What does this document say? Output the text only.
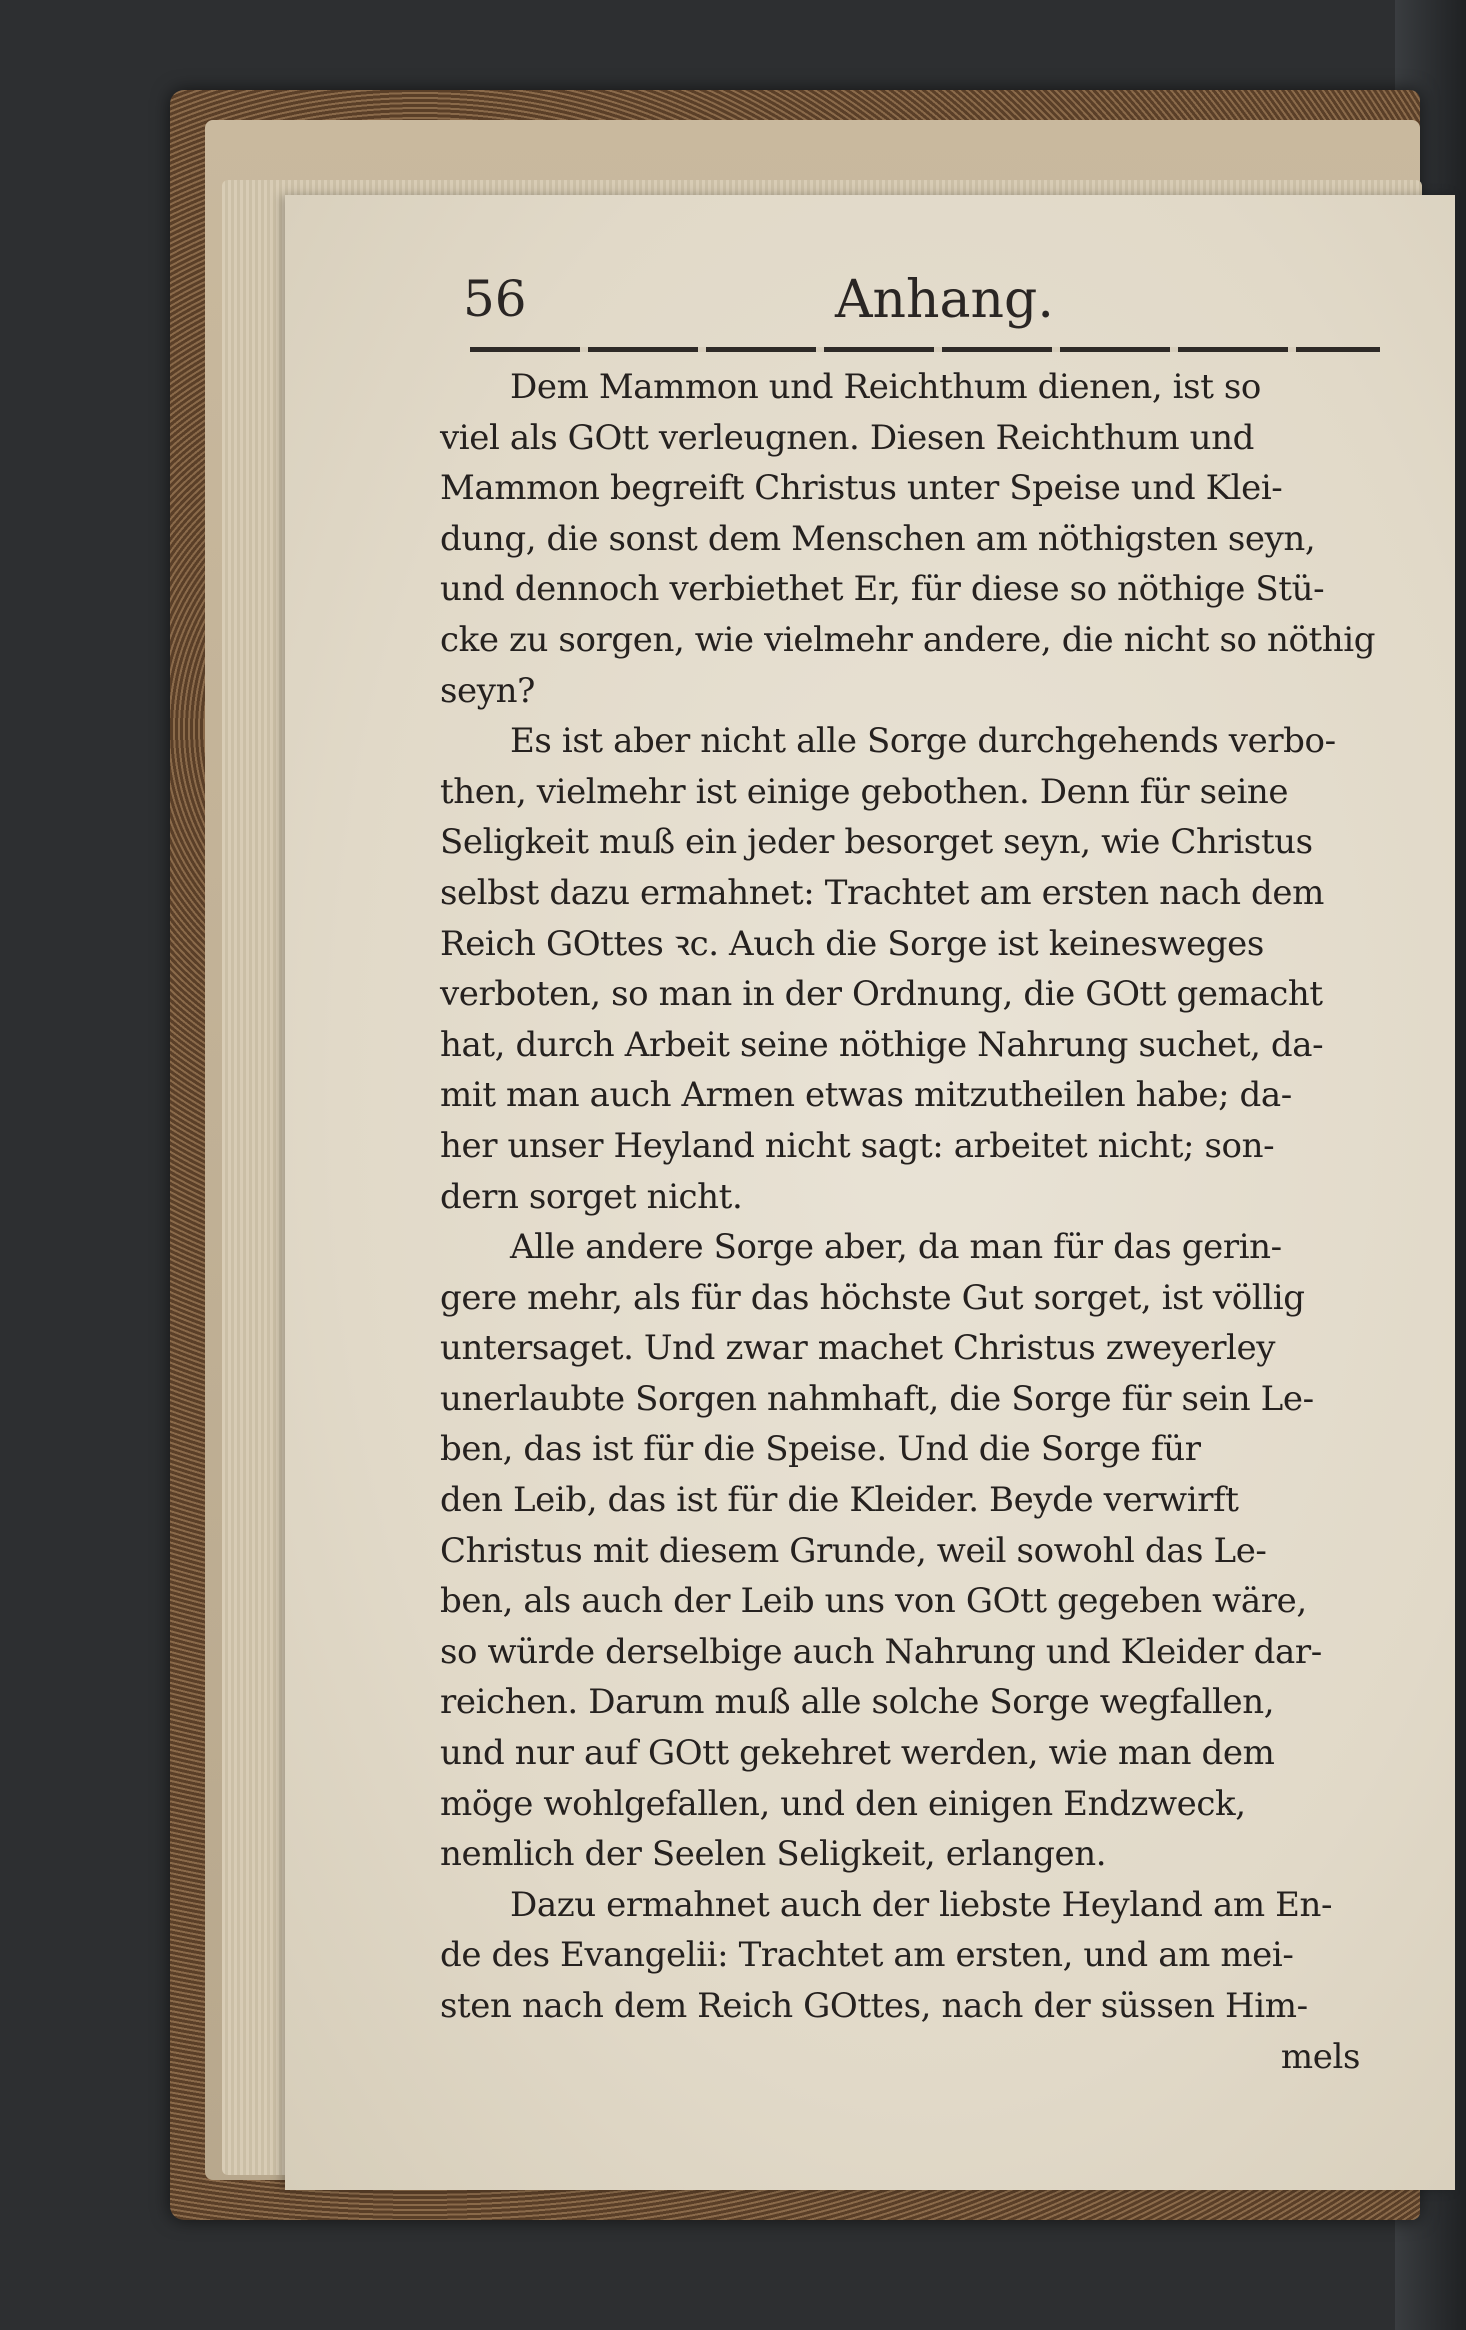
56	Anhang.
Dem Mammon und Reichthum dienen, ist so
viel als GOtt verleugnen. Diesen Reichthum und
Mammon begreift Christus unter Speise und Klei-
dung, die sonst dem Menschen am nöthigsten seyn,
und dennoch verbiethet Er, für diese so nöthige Stü-
cke zu sorgen, wie vielmehr andere, die nicht so nöthig
seyn?
Es ist aber nicht alle Sorge durchgehends verbo-
then, vielmehr ist einige gebothen. Denn für seine
Seligkeit muß ein jeder besorget seyn, wie Christus
selbst dazu ermahnet: Trachtet am ersten nach dem
Reich GOttes ꝛc. Auch die Sorge ist keinesweges
verboten, so man in der Ordnung, die GOtt gemacht
hat, durch Arbeit seine nöthige Nahrung suchet, da-
mit man auch Armen etwas mitzutheilen habe; da-
her unser Heyland nicht sagt: arbeitet nicht; son-
dern sorget nicht.
Alle andere Sorge aber, da man für das gerin-
gere mehr, als für das höchste Gut sorget, ist völlig
untersaget. Und zwar machet Christus zweyerley
unerlaubte Sorgen nahmhaft, die Sorge für sein Le-
ben, das ist für die Speise. Und die Sorge für
den Leib, das ist für die Kleider. Beyde verwirft
Christus mit diesem Grunde, weil sowohl das Le-
ben, als auch der Leib uns von GOtt gegeben wäre,
so würde derselbige auch Nahrung und Kleider dar-
reichen. Darum muß alle solche Sorge wegfallen,
und nur auf GOtt gekehret werden, wie man dem
möge wohlgefallen, und den einigen Endzweck,
nemlich der Seelen Seligkeit, erlangen.
Dazu ermahnet auch der liebste Heyland am En-
de des Evangelii: Trachtet am ersten, und am mei-
sten nach dem Reich GOttes, nach der süssen Him-
mels
